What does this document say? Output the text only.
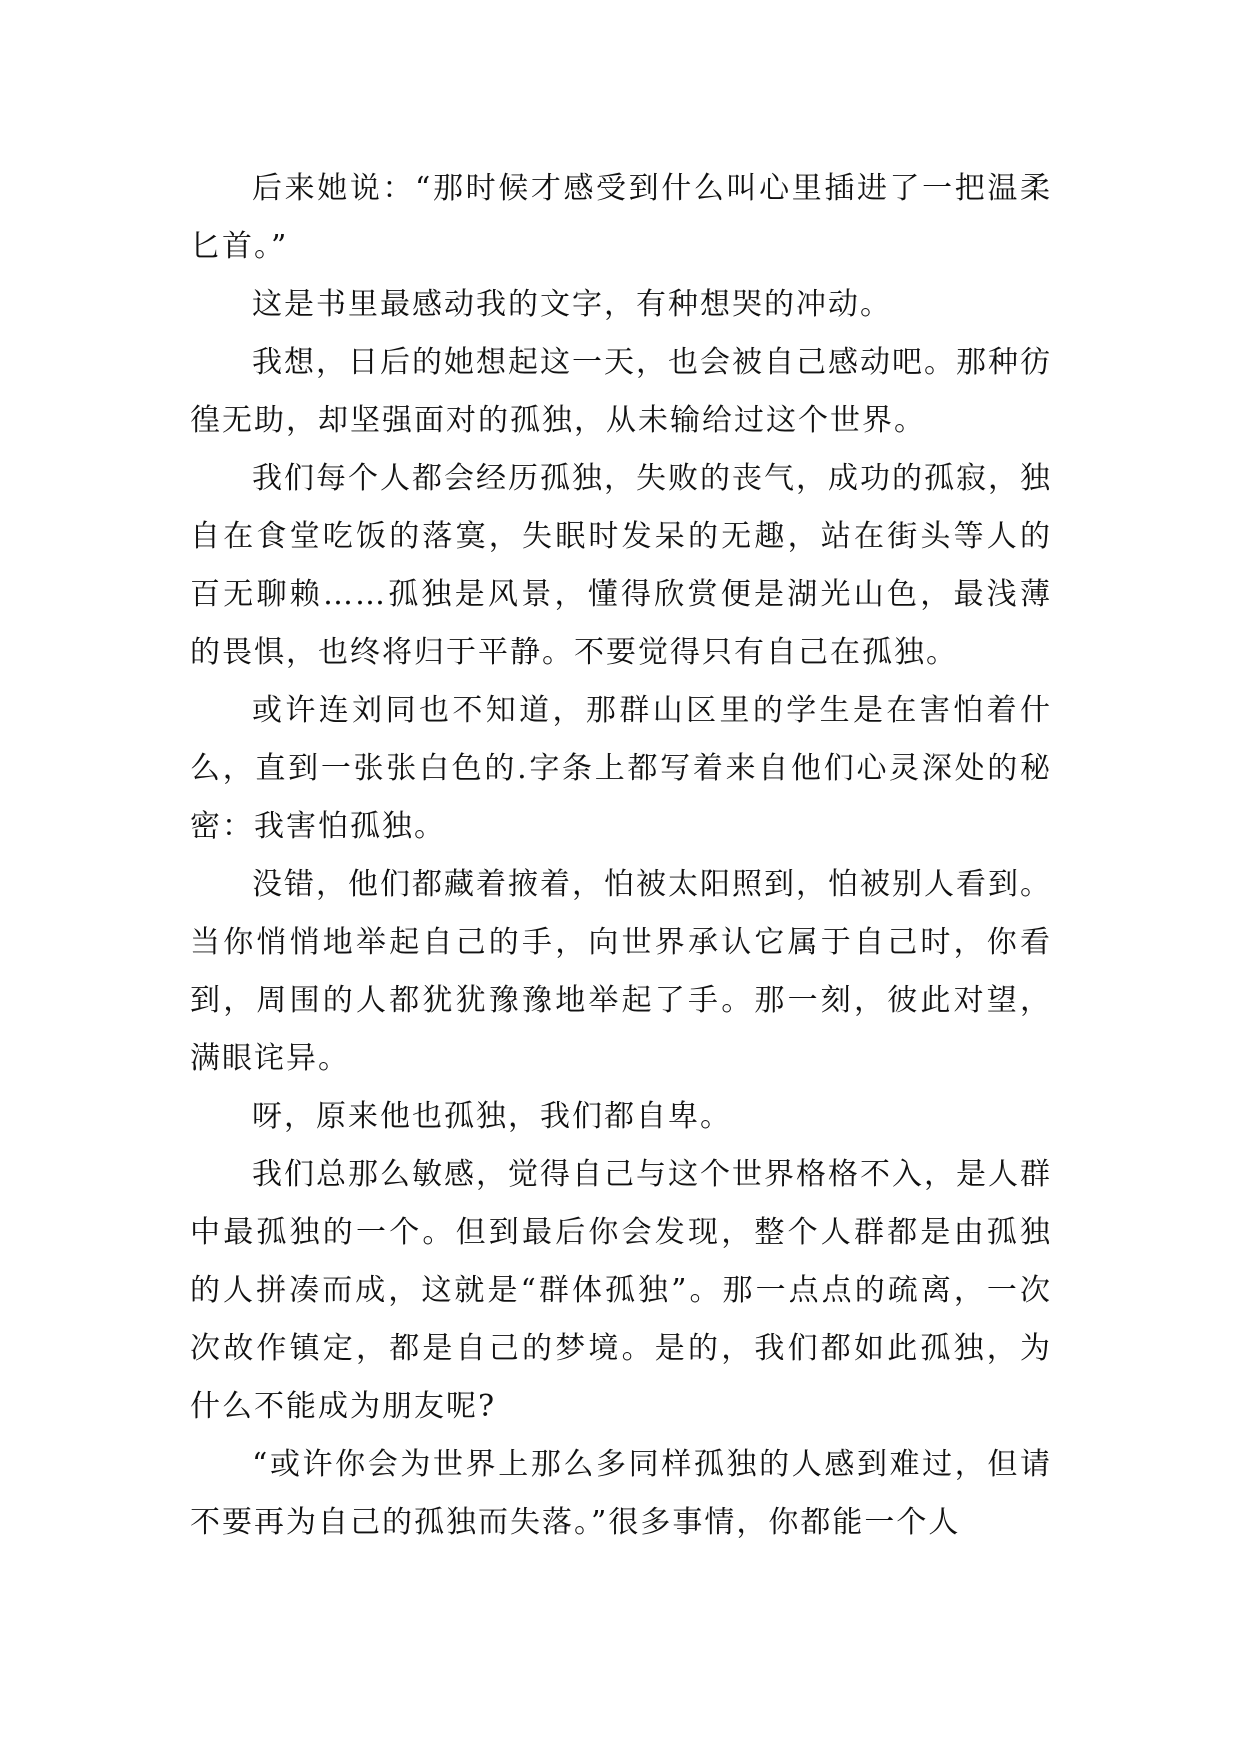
后来她说：“那时候才感受到什么叫心里插进了一把温柔匕首。”

这是书里最感动我的文字，有种想哭的冲动。

我想，日后的她想起这一天，也会被自己感动吧。那种彷徨无助，却坚强面对的孤独，从未输给过这个世界。

我们每个人都会经历孤独，失败的丧气，成功的孤寂，独自在食堂吃饭的落寞，失眠时发呆的无趣，站在街头等人的百无聊赖……孤独是风景，懂得欣赏便是湖光山色，最浅薄的畏惧，也终将归于平静。不要觉得只有自己在孤独。

或许连刘同也不知道，那群山区里的学生是在害怕着什么，直到一张张白色的.字条上都写着来自他们心灵深处的秘密：我害怕孤独。

没错，他们都藏着掖着，怕被太阳照到，怕被别人看到。当你悄悄地举起自己的手，向世界承认它属于自己时，你看到，周围的人都犹犹豫豫地举起了手。那一刻，彼此对望，满眼诧异。

呀，原来他也孤独，我们都自卑。

我们总那么敏感，觉得自己与这个世界格格不入，是人群中最孤独的一个。但到最后你会发现，整个人群都是由孤独的人拼凑而成，这就是“群体孤独”。那一点点的疏离，一次次故作镇定，都是自己的梦境。是的，我们都如此孤独，为什么不能成为朋友呢?

“或许你会为世界上那么多同样孤独的人感到难过，但请不要再为自己的孤独而失落。”很多事情，你都能一个人
